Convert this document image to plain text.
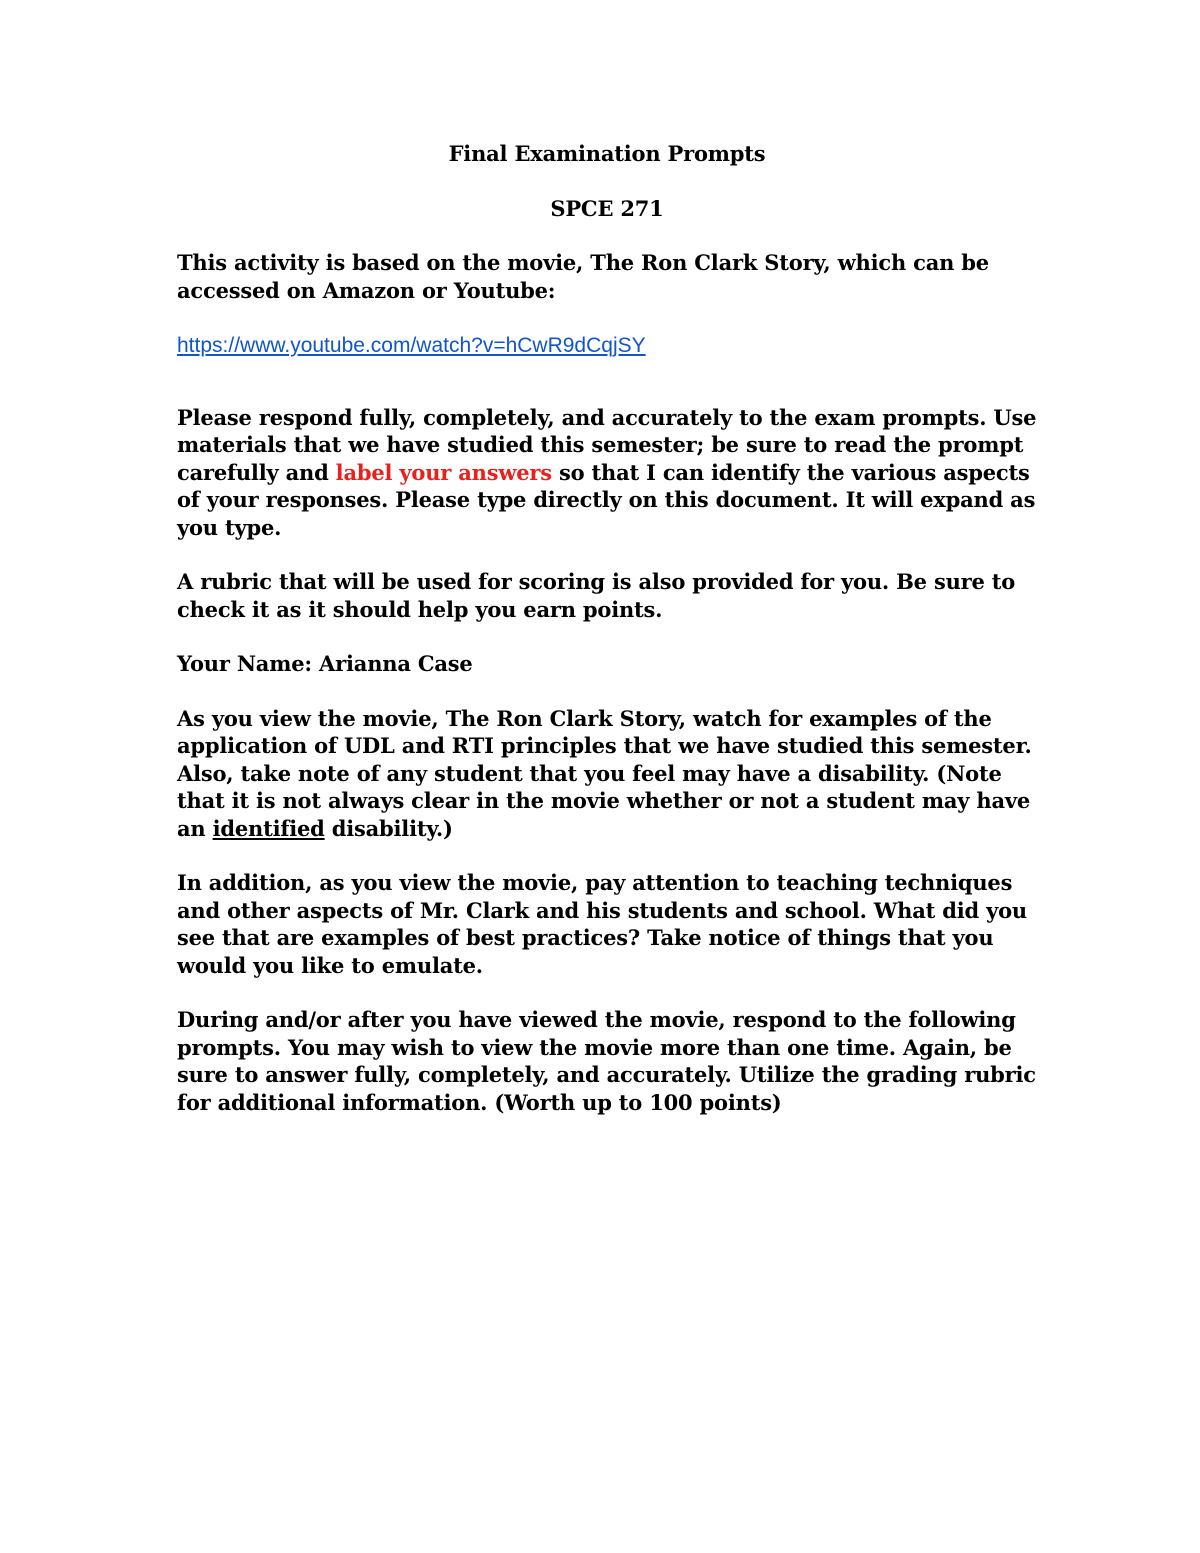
Final Examination Prompts

SPCE 271

This activity is based on the movie, The Ron Clark Story, which can be accessed on Amazon or Youtube:

https://www.youtube.com/watch?v=hCwR9dCqjSY

Please respond fully, completely, and accurately to the exam prompts. Use materials that we have studied this semester; be sure to read the prompt carefully and label your answers so that I can identify the various aspects of your responses. Please type directly on this document. It will expand as you type.

A rubric that will be used for scoring is also provided for you. Be sure to check it as it should help you earn points.

Your Name: Arianna Case

As you view the movie, The Ron Clark Story, watch for examples of the application of UDL and RTI principles that we have studied this semester. Also, take note of any student that you feel may have a disability. (Note that it is not always clear in the movie whether or not a student may have an identified disability.)

In addition, as you view the movie, pay attention to teaching techniques and other aspects of Mr. Clark and his students and school. What did you see that are examples of best practices? Take notice of things that you would you like to emulate.

During and/or after you have viewed the movie, respond to the following prompts. You may wish to view the movie more than one time. Again, be sure to answer fully, completely, and accurately. Utilize the grading rubric for additional information. (Worth up to 100 points)
